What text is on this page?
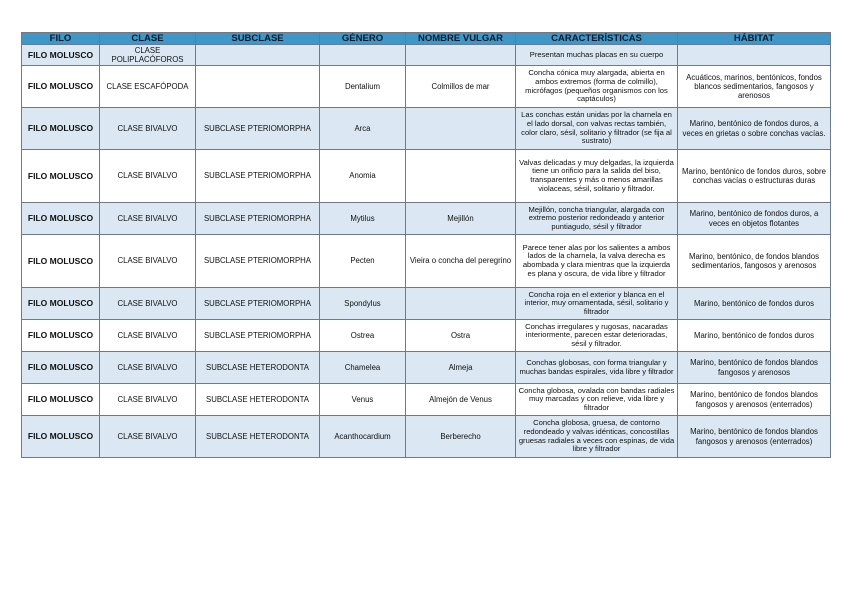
FILO	CLASE	SUBCLASE	GÉNERO	NOMBRE VULGAR	CARACTERÍSTICAS	HÁBITAT
FILO MOLUSCO	CLASE POLIPLACÓFOROS				Presentan muchas placas en su cuerpo	
FILO MOLUSCO	CLASE ESCAFÓPODA		Dentalium	Colmillos de mar	Concha cónica muy alargada, abierta en ambos extremos (forma de colmillo), micrófagos (pequeños organismos con los captáculos)	Acuáticos, marinos, bentónicos, fondos blancos sedimentarios, fangosos y arenosos
FILO MOLUSCO	CLASE BIVALVO	SUBCLASE PTERIOMORPHA	Arca		Las conchas están unidas por la charnela en el lado dorsal, con valvas rectas también, color claro, sésil, solitario y filtrador (se fija al sustrato)	Marino, bentónico de fondos duros, a veces en grietas o sobre conchas vacías.
FILO MOLUSCO	CLASE BIVALVO	SUBCLASE PTERIOMORPHA	Anomia		Valvas delicadas y muy delgadas, la izquierda tiene un orificio para la salida del biso, transparentes y más o menos amarillas violaceas, sésil, solitario y filtrador.	Marino, bentónico de fondos duros, sobre conchas vacías o estructuras duras
FILO MOLUSCO	CLASE BIVALVO	SUBCLASE PTERIOMORPHA	Mytilus	Mejillón	Mejillón, concha triangular, alargada con extremo posterior redondeado y anterior puntiagudo, sésil y filtrador	Marino, bentónico de fondos duros, a veces en objetos flotantes
FILO MOLUSCO	CLASE BIVALVO	SUBCLASE PTERIOMORPHA	Pecten	Vieira o concha del peregrino	Parece tener alas por los salientes a ambos lados de la charnela, la valva derecha es abombada y clara mientras que la izquierda es plana y oscura, de vida libre y filtrador	Marino, bentónico, de fondos blandos sedimentarios, fangosos y arenosos
FILO MOLUSCO	CLASE BIVALVO	SUBCLASE PTERIOMORPHA	Spondylus		Concha roja en el exterior y blanca en el interior, muy ornamentada, sésil, solitario y filtrador	Marino, bentónico de fondos duros
FILO MOLUSCO	CLASE BIVALVO	SUBCLASE PTERIOMORPHA	Ostrea	Ostra	Conchas irregulares y rugosas, nacaradas interiormente, parecen estar deterioradas, sésil y filtrador.	Marino, bentónico de fondos duros
FILO MOLUSCO	CLASE BIVALVO	SUBCLASE HETERODONTA	Chamelea	Almeja	Conchas globosas, con forma triangular y muchas bandas espirales, vida libre y filtrador	Marino, bentónico de fondos blandos fangosos y arenosos
FILO MOLUSCO	CLASE BIVALVO	SUBCLASE HETERODONTA	Venus	Almejón de Venus	Concha globosa, ovalada con bandas radiales muy marcadas y con relieve, vida libre y filtrador	Marino, bentónico de fondos blandos fangosos y arenosos (enterrados)
FILO MOLUSCO	CLASE BIVALVO	SUBCLASE HETERODONTA	Acanthocardium	Berberecho	Concha globosa, gruesa, de contorno redondeado y valvas idénticas, concostillas gruesas radiales a veces con espinas, de vida libre y filtrador	Marino, bentónico de fondos blandos fangosos y arenosos (enterrados)
